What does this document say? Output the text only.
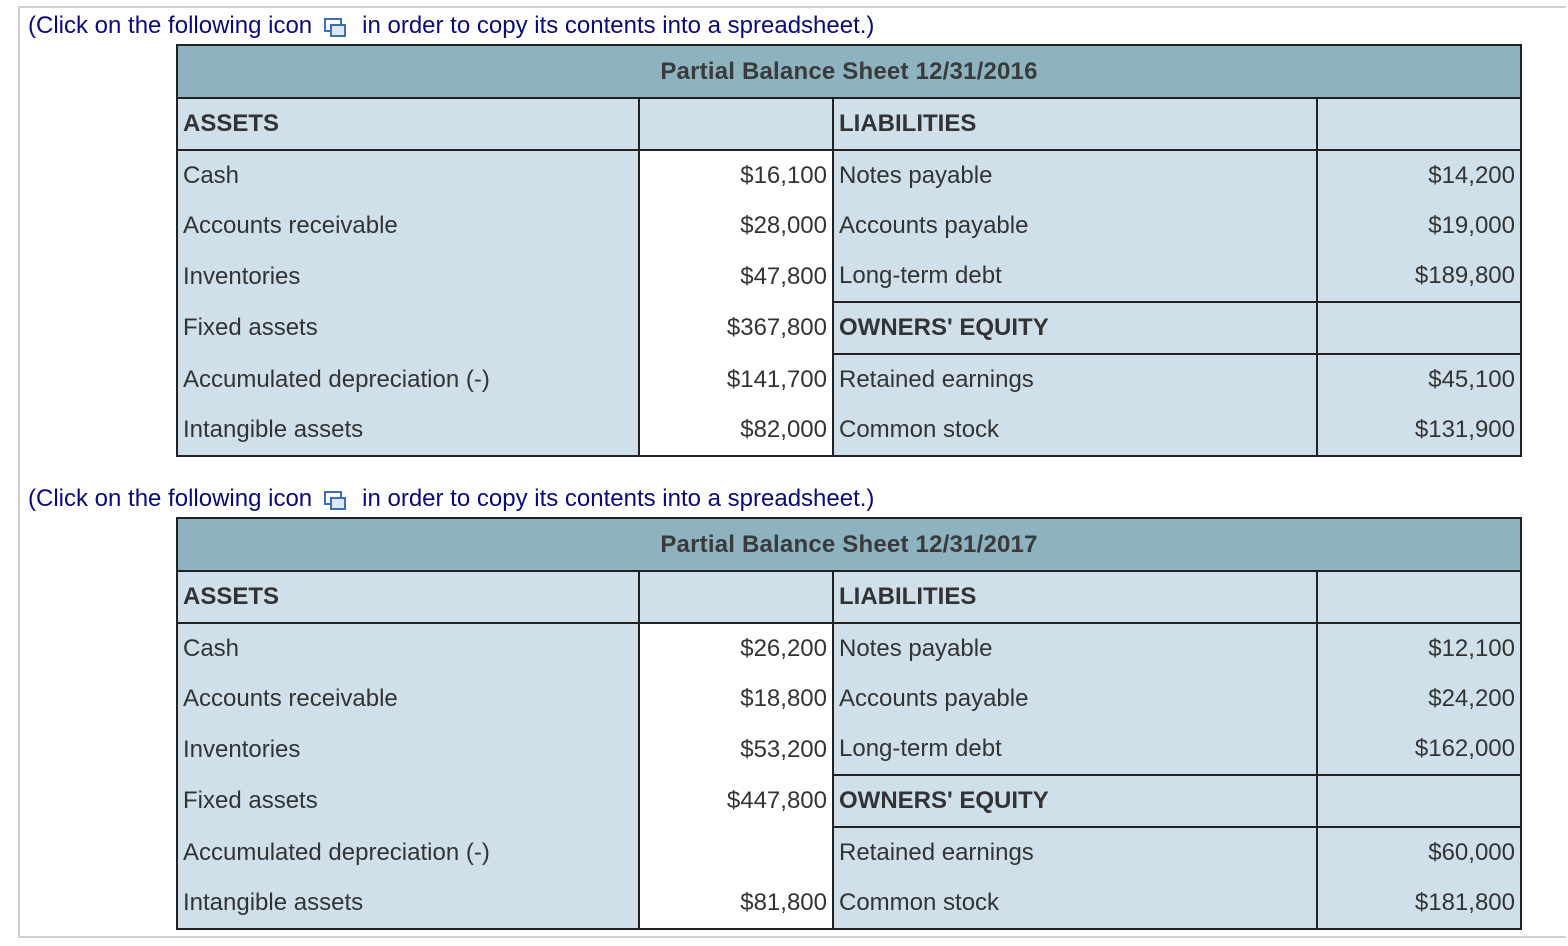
(Click on the following icon in order to copy its contents into a spreadsheet.)
Partial Balance Sheet 12/31/2016			
ASSETS		LIABILITIES	
Cash	$16,100	Notes payable	$14,200
Accounts receivable	$28,000	Accounts payable	$19,000
Inventories	$47,800	Long-term debt	$189,800
Fixed assets	$367,800	OWNERS' EQUITY	
Accumulated depreciation (-)	$141,700	Retained earnings	$45,100
Intangible assets	$82,000	Common stock	$131,900
(Click on the following icon in order to copy its contents into a spreadsheet.)
Partial Balance Sheet 12/31/2017			
ASSETS		LIABILITIES	
Cash	$26,200	Notes payable	$12,100
Accounts receivable	$18,800	Accounts payable	$24,200
Inventories	$53,200	Long-term debt	$162,000
Fixed assets	$447,800	OWNERS' EQUITY	
Accumulated depreciation (-)		Retained earnings	$60,000
Intangible assets	$81,800	Common stock	$181,800
